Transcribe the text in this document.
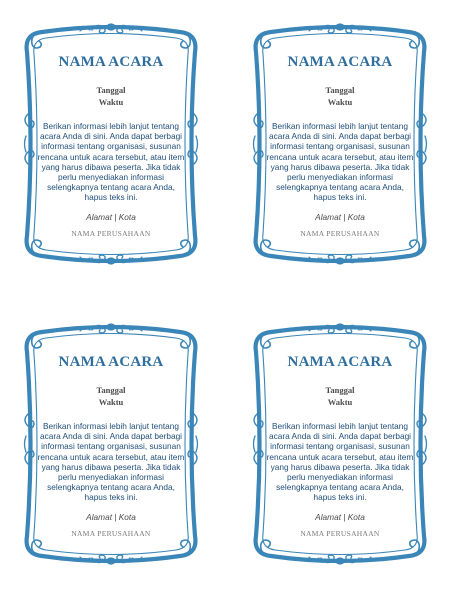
NAMA ACARA
Tanggal
Waktu
Berikan informasi lebih lanjut tentang acara Anda di sini. Anda dapat berbagi informasi tentang organisasi, susunan rencana untuk acara tersebut, atau item yang harus dibawa peserta. Jika tidak perlu menyediakan informasi selengkapnya tentang acara Anda, hapus teks ini.
Alamat | Kota
NAMA PERUSAHAAN
NAMA ACARA
Tanggal
Waktu
Berikan informasi lebih lanjut tentang acara Anda di sini. Anda dapat berbagi informasi tentang organisasi, susunan rencana untuk acara tersebut, atau item yang harus dibawa peserta. Jika tidak perlu menyediakan informasi selengkapnya tentang acara Anda, hapus teks ini.
Alamat | Kota
NAMA PERUSAHAAN
NAMA ACARA
Tanggal
Waktu
Berikan informasi lebih lanjut tentang acara Anda di sini. Anda dapat berbagi informasi tentang organisasi, susunan rencana untuk acara tersebut, atau item yang harus dibawa peserta. Jika tidak perlu menyediakan informasi selengkapnya tentang acara Anda, hapus teks ini.
Alamat | Kota
NAMA PERUSAHAAN
NAMA ACARA
Tanggal
Waktu
Berikan informasi lebih lanjut tentang acara Anda di sini. Anda dapat berbagi informasi tentang organisasi, susunan rencana untuk acara tersebut, atau item yang harus dibawa peserta. Jika tidak perlu menyediakan informasi selengkapnya tentang acara Anda, hapus teks ini.
Alamat | Kota
NAMA PERUSAHAAN
